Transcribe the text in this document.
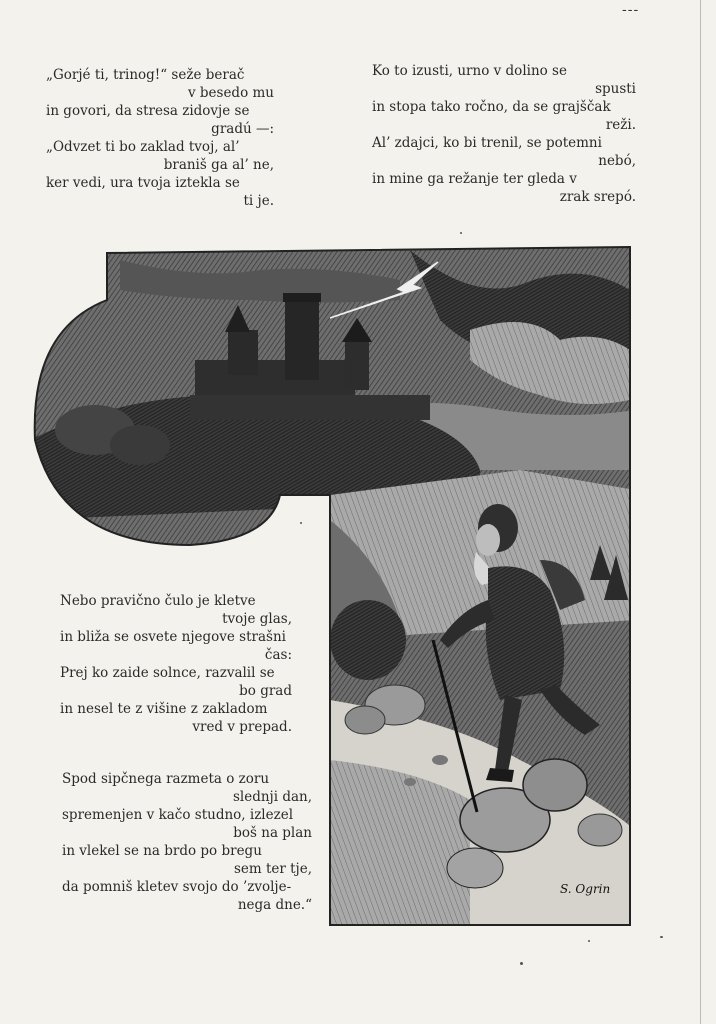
---
„Gorjé ti, trinog!“ seže berač
v besedo mu
in govori, da stresa zidovje se
gradú —:
„Odvzet ti bo zaklad tvoj, al’
braniš ga al’ ne,
ker vedi, ura tvoja iztekla se
ti je.
Ko to izusti, urno v dolino se
spusti
in stopa tako ročno, da se grajščak
reži.
Al’ zdajci, ko bi trenil, se potemni
nebó,
in mine ga režanje ter gleda v
zrak srepó.
Nebo pravično čulo je kletve
tvoje glas,
in bliža se osvete njegove strašni
čas:
Prej ko zaide solnce, razvalil se
bo grad
in nesel te z višine z zakladom
vred v prepad.
Spod sipčnega razmeta o zoru
slednji dan,
spremenjen v kačo studno, izlezel
boš na plan
in vlekel se na brdo po bregu
sem ter tje,
da pomniš kletev svojo do ’zvolje-
nega dne.“
S. Ogrin
